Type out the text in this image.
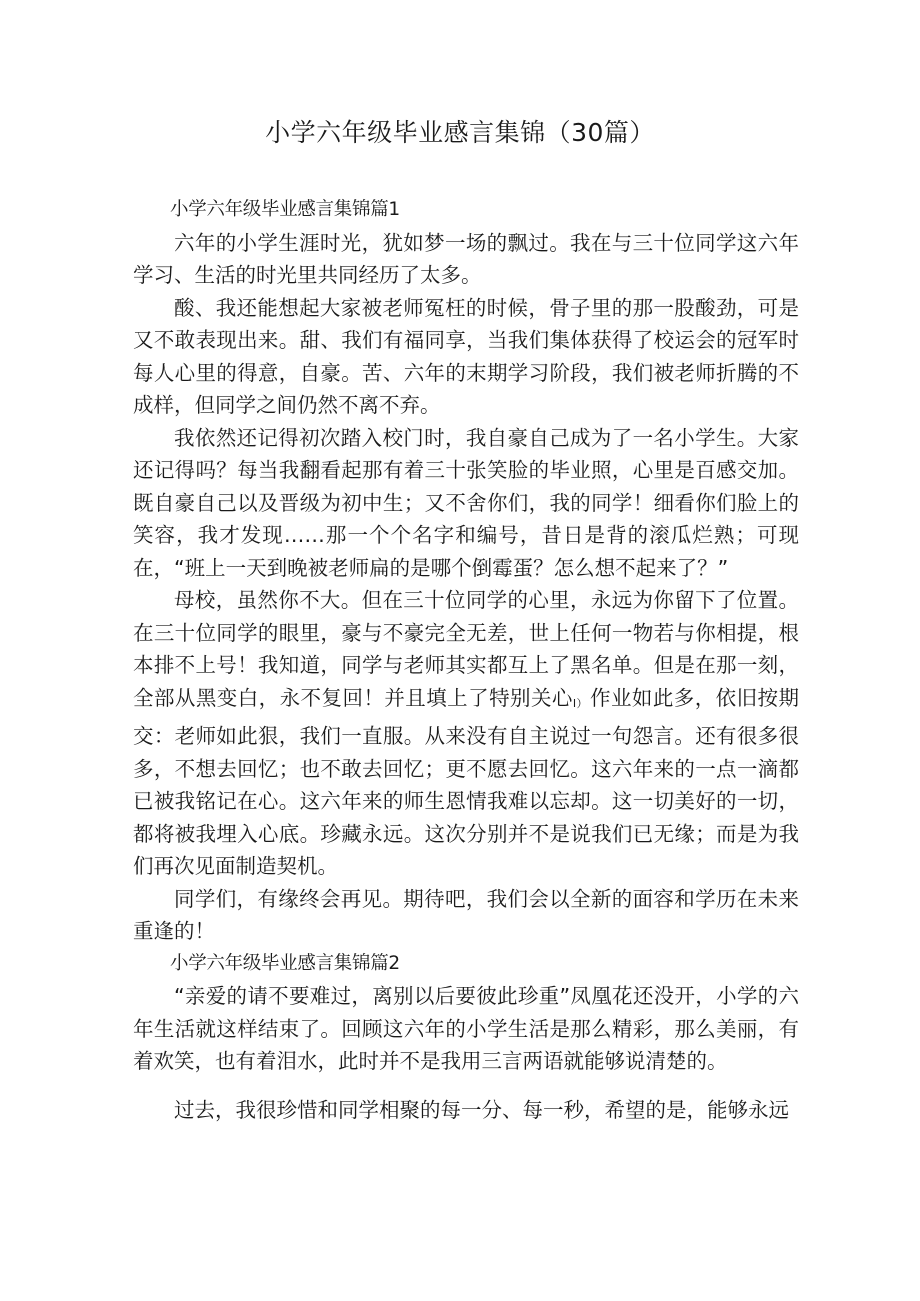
小学六年级毕业感言集锦（30篇）

小学六年级毕业感言集锦篇1

六年的小学生涯时光，犹如梦一场的飘过。我在与三十位同学这六年学习、生活的时光里共同经历了太多。

酸、我还能想起大家被老师冤枉的时候，骨子里的那一股酸劲，可是又不敢表现出来。甜、我们有福同享，当我们集体获得了校运会的冠军时每人心里的得意，自豪。苦、六年的末期学习阶段，我们被老师折腾的不成样，但同学之间仍然不离不弃。

我依然还记得初次踏入校门时，我自豪自己成为了一名小学生。大家还记得吗？每当我翻看起那有着三十张笑脸的毕业照，心里是百感交加。既自豪自己以及晋级为初中生；又不舍你们，我的同学！细看你们脸上的笑容，我才发现……那一个个名字和编号，昔日是背的滚瓜烂熟；可现在，“班上一天到晚被老师扁的是哪个倒霉蛋？怎么想不起来了？”

母校，虽然你不大。但在三十位同学的心里，永远为你留下了位置。在三十位同学的眼里，豪与不豪完全无差，世上任何一物若与你相提，根本排不上号！我知道，同学与老师其实都互上了黑名单。但是在那一刻，全部从黑变白，永不复回！并且填上了特别关心I）作业如此多，依旧按期交：老师如此狠，我们一直服。从来没有自主说过一句怨言。还有很多很多，不想去回忆；也不敢去回忆；更不愿去回忆。这六年来的一点一滴都已被我铭记在心。这六年来的师生恩情我难以忘却。这一切美好的一切，都将被我埋入心底。珍藏永远。这次分别并不是说我们已无缘；而是为我们再次见面制造契机。

同学们，有缘终会再见。期待吧，我们会以全新的面容和学历在未来重逢的！

小学六年级毕业感言集锦篇2

“亲爱的请不要难过，离别以后要彼此珍重”凤凰花还没开，小学的六年生活就这样结束了。回顾这六年的小学生活是那么精彩，那么美丽，有着欢笑，也有着泪水，此时并不是我用三言两语就能够说清楚的。

过去，我很珍惜和同学相聚的每一分、每一秒，希望的是，能够永远
